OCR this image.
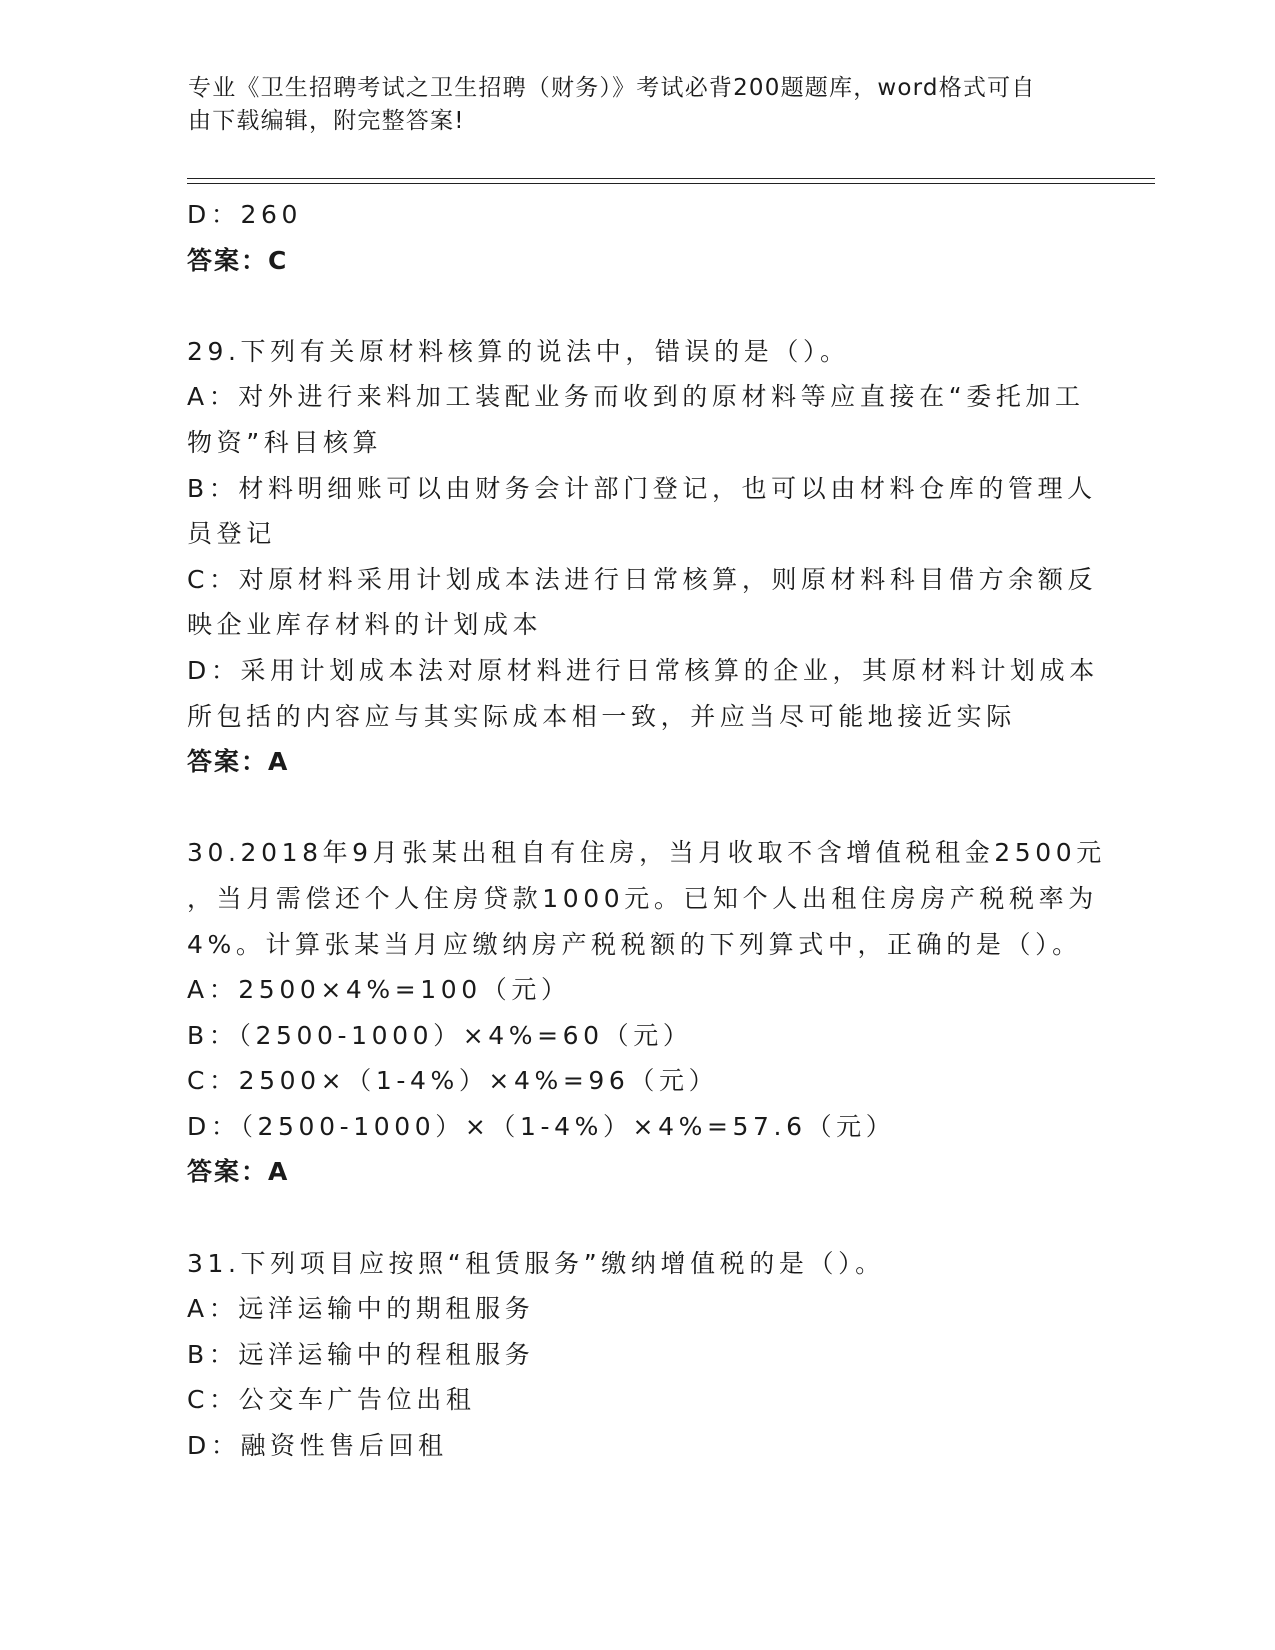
专业《卫生招聘考试之卫生招聘（财务）》考试必背200题题库，word格式可自
由下载编辑，附完整答案!
D：260
答案：C
29.下列有关原材料核算的说法中，错误的是（）。
A：对外进行来料加工装配业务而收到的原材料等应直接在“委托加工
物资”科目核算
B：材料明细账可以由财务会计部门登记，也可以由材料仓库的管理人
员登记
C：对原材料采用计划成本法进行日常核算，则原材料科目借方余额反
映企业库存材料的计划成本
D：采用计划成本法对原材料进行日常核算的企业，其原材料计划成本
所包括的内容应与其实际成本相一致，并应当尽可能地接近实际
答案：A
30.2018年9月张某出租自有住房，当月收取不含增值税租金2500元
，当月需偿还个人住房贷款1000元。已知个人出租住房房产税税率为
4%。计算张某当月应缴纳房产税税额的下列算式中，正确的是（）。
A：2500×4%=100（元）
B：（2500-1000）×4%=60（元）
C：2500×（1-4%）×4%=96（元）
D：（2500-1000）×（1-4%）×4%=57.6（元）
答案：A
31.下列项目应按照“租赁服务”缴纳增值税的是（）。
A：远洋运输中的期租服务
B：远洋运输中的程租服务
C：公交车广告位出租
D：融资性售后回租
